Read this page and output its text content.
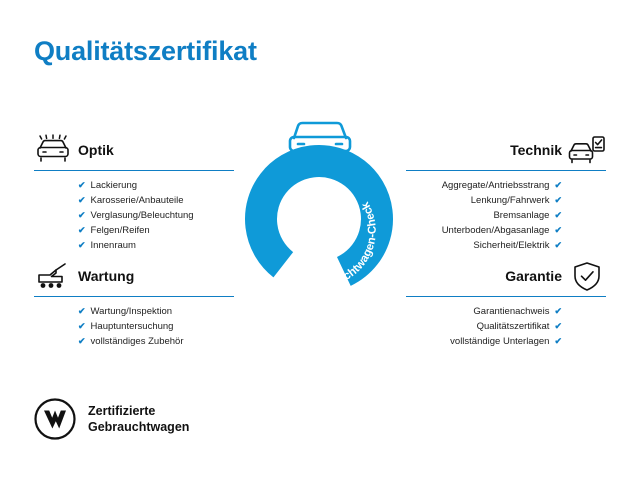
Qualitätszertifikat
Gebrauchtwagen-Check
360°
Optik
✔ Lackierung
✔ Karosserie/Anbauteile
✔ Verglasung/Beleuchtung
✔ Felgen/Reifen
✔ Innenraum
Wartung
✔ Wartung/Inspektion
✔ Hauptuntersuchung
✔ vollständiges Zubehör
Technik
Aggregate/Antriebsstrang ✔
Lenkung/Fahrwerk ✔
Bremsanlage ✔
Unterboden/Abgasanlage ✔
Sicherheit/Elektrik ✔
Garantie
Garantienachweis ✔
Qualitätszertifikat ✔
vollständige Unterlagen ✔
Zertifizierte
Gebrauchtwagen
